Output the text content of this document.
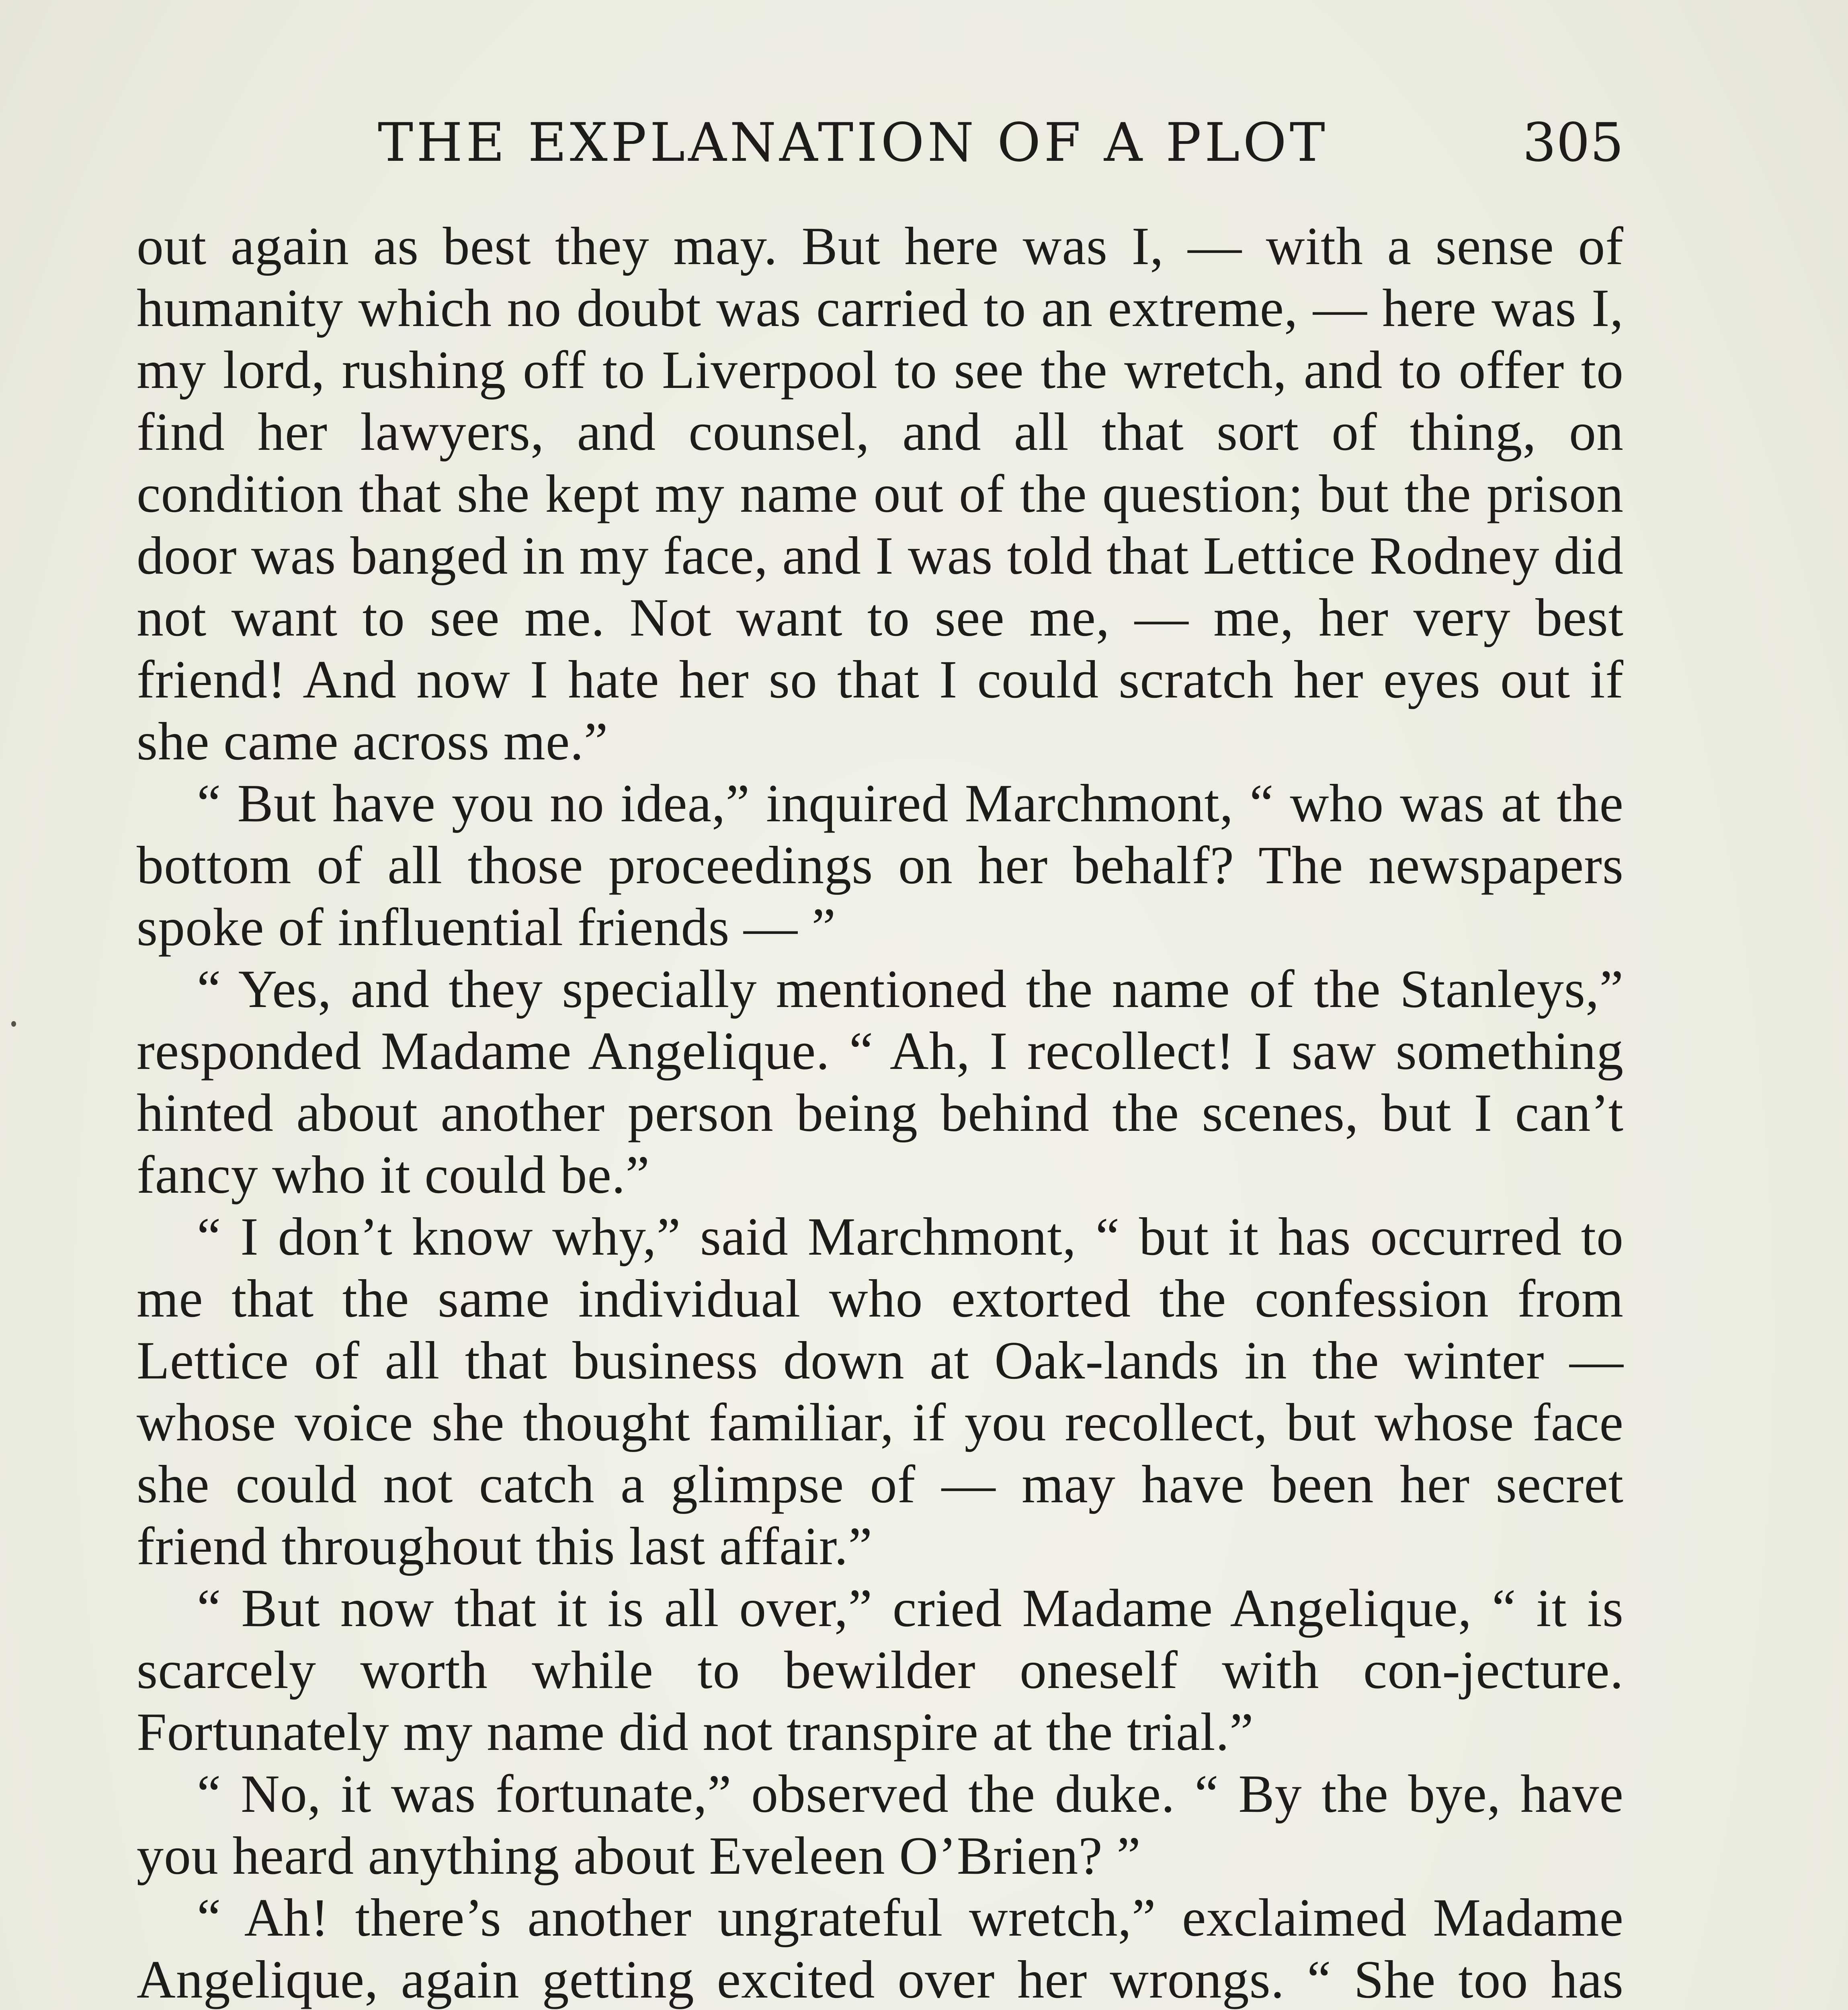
THE EXPLANATION OF A PLOT	305

out again as best they may. But here was I, — with a sense of humanity which no doubt was carried to an extreme, — here was I, my lord, rushing off to Liverpool to see the wretch, and to offer to find her lawyers, and counsel, and all that sort of thing, on condition that she kept my name out of the question; but the prison door was banged in my face, and I was told that Lettice Rodney did not want to see me. Not want to see me, — me, her very best friend! And now I hate her so that I could scratch her eyes out if she came across me.”

“ But have you no idea,” inquired Marchmont, “ who was at the bottom of all those proceedings on her behalf? The newspapers spoke of influential friends — ”

“ Yes, and they specially mentioned the name of the Stanleys,” responded Madame Angelique. “ Ah, I recollect! I saw something hinted about another person being behind the scenes, but I can’t fancy who it could be.”

“ I don’t know why,” said Marchmont, “ but it has occurred to me that the same individual who extorted the confession from Lettice of all that business down at Oak-lands in the winter — whose voice she thought familiar, if you recollect, but whose face she could not catch a glimpse of — may have been her secret friend throughout this last affair.”

“ But now that it is all over,” cried Madame Angelique, “ it is scarcely worth while to bewilder oneself with con-jecture. Fortunately my name did not transpire at the trial.”

“ No, it was fortunate,” observed the duke. “ By the bye, have you heard anything about Eveleen O’Brien? ”

“ Ah! there’s another ungrateful wretch,” exclaimed Madame Angelique, again getting excited over her wrongs. “ She too has
